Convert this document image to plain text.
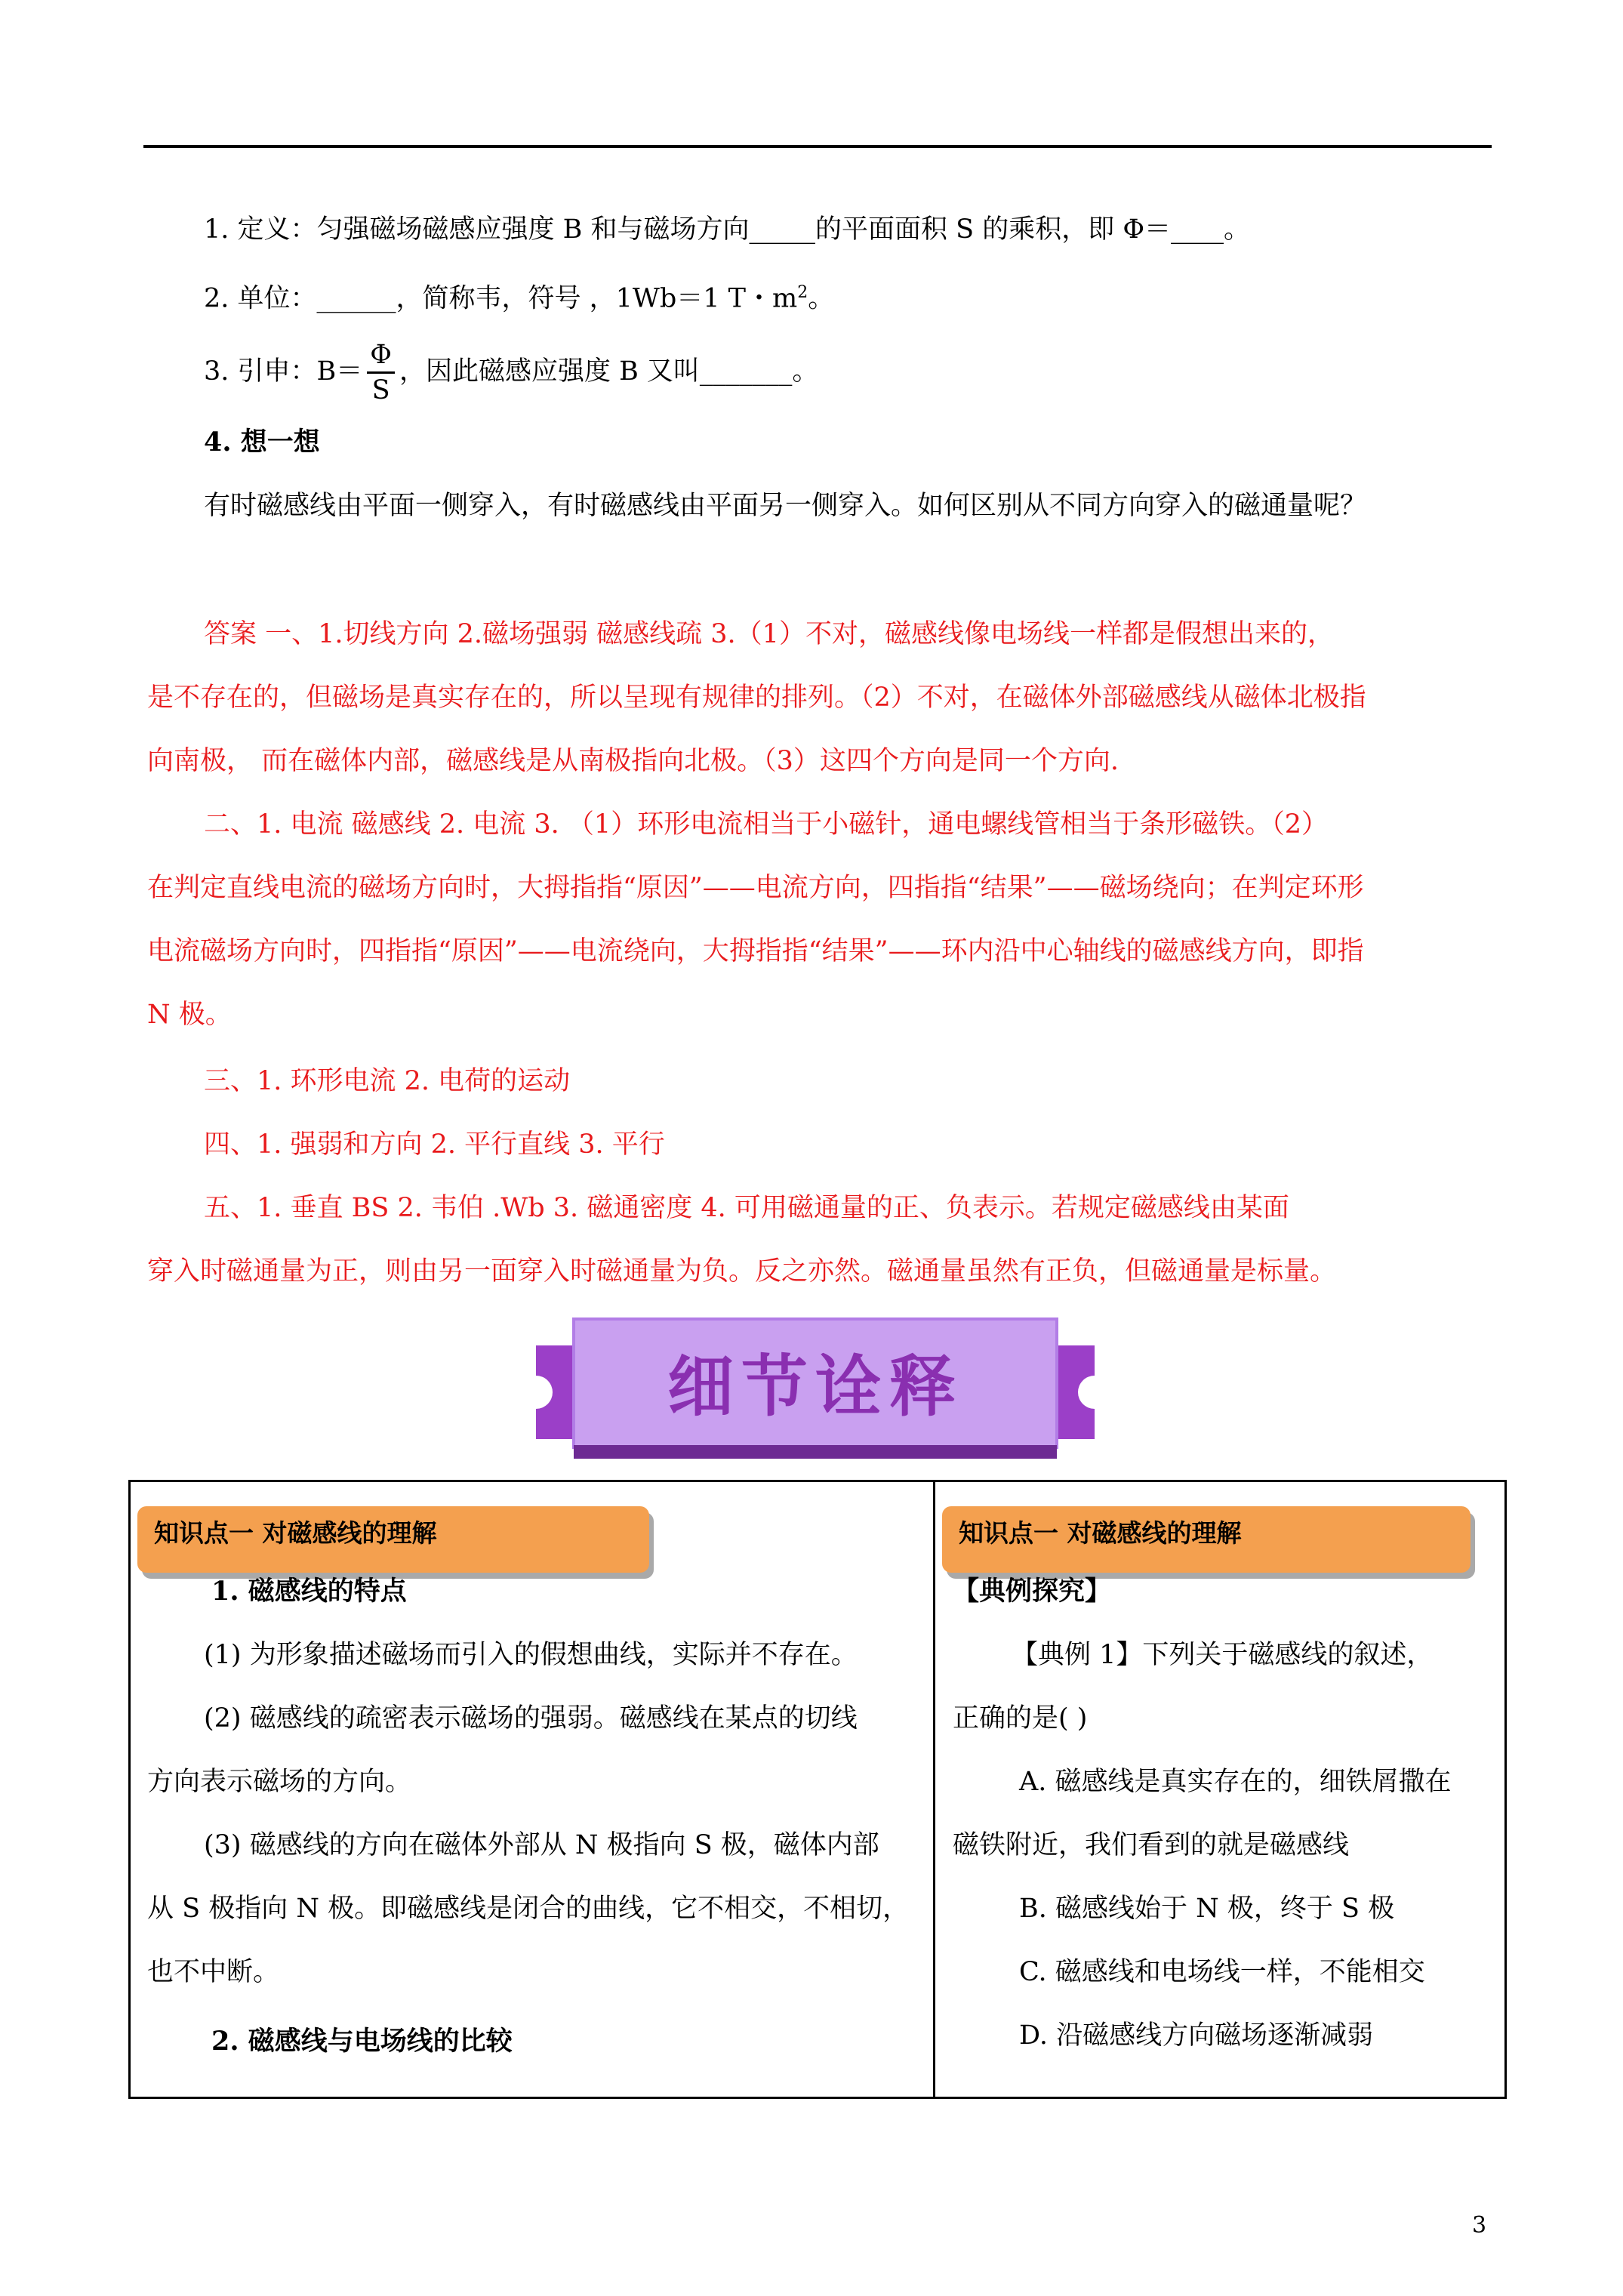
1. 定义：匀强磁场磁感应强度 B 和与磁场方向_____的平面面积 S 的乘积，即 Φ＝____。
2. 单位：______，简称韦，符号 ，1Wb＝1 T・$m^2$。
3. 引申：$B= \frac{\Phi}{S}$ ，因此磁感应强度 B 又叫_______。
4. 想一想
有时磁感线由平面一侧穿入，有时磁感线由平面另一侧穿入。如何区别从不同方向穿入的磁通量呢？
答案 一、1.切线方向 2.磁场强弱 磁感线疏 3.（1）不对，磁感线像电场线一样都是假想出来的，
是不存在的，但磁场是真实存在的，所以呈现有规律的排列。（2）不对，在磁体外部磁感线从磁体北极指
向南极， 而在磁体内部，磁感线是从南极指向北极。（3）这四个方向是同一个方向.
二、1. 电流 磁感线 2. 电流 3. （1）环形电流相当于小磁针，通电螺线管相当于条形磁铁。（2）
在判定直线电流的磁场方向时，大拇指指“原因”——电流方向，四指指“结果”——磁场绕向；在判定环形
电流磁场方向时，四指指“原因”——电流绕向，大拇指指“结果”——环内沿中心轴线的磁感线方向，即指
N 极。
三、1. 环形电流 2. 电荷的运动
四、1. 强弱和方向 2. 平行直线 3. 平行
五、1. 垂直 BS 2. 韦伯 .Wb 3. 磁通密度 4. 可用磁通量的正、负表示。若规定磁感线由某面
穿入时磁通量为正，则由另一面穿入时磁通量为负。反之亦然。磁通量虽然有正负，但磁通量是标量。
细节诠释
知识点一 对磁感线的理解
1. 磁感线的特点
(1) 为形象描述磁场而引入的假想曲线，实际并不存在。
(2) 磁感线的疏密表示磁场的强弱。磁感线在某点的切线
方向表示磁场的方向。
(3) 磁感线的方向在磁体外部从 N 极指向 S 极，磁体内部
从 S 极指向 N 极。即磁感线是闭合的曲线，它不相交，不相切，
也不中断。
2. 磁感线与电场线的比较
知识点一 对磁感线的理解
【典例探究】
【典例 1】下列关于磁感线的叙述，
正确的是( )
A. 磁感线是真实存在的，细铁屑撒在
磁铁附近，我们看到的就是磁感线
B. 磁感线始于 N 极，终于 S 极
C. 磁感线和电场线一样，不能相交
D. 沿磁感线方向磁场逐渐减弱
3
